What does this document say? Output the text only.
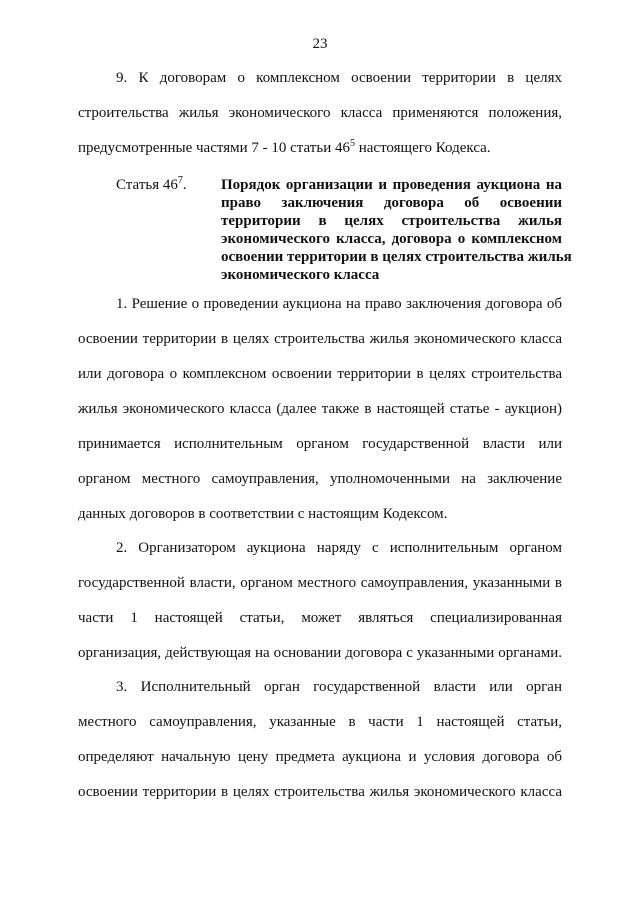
23
9. К договорам о комплексном освоении территории в целях
строительства жилья экономического класса применяются положения,
предусмотренные частями 7 - 10 статьи $46^5$ настоящего Кодекса.
Статья $46^7$.	Порядок организации и проведения аукциона на
право заключения договора об освоении
территории в целях строительства жилья
экономического класса, договора о комплексном
освоении территории в целях строительства жилья
экономического класса
1. Решение о проведении аукциона на право заключения договора об
освоении территории в целях строительства жилья экономического класса
или договора о комплексном освоении территории в целях строительства
жилья экономического класса (далее также в настоящей статье - аукцион)
принимается исполнительным органом государственной власти или
органом местного самоуправления, уполномоченными на заключение
данных договоров в соответствии с настоящим Кодексом.
2. Организатором аукциона наряду с исполнительным органом
государственной власти, органом местного самоуправления, указанными в
части 1 настоящей статьи, может являться специализированная
организация, действующая на основании договора с указанными органами.
3. Исполнительный орган государственной власти или орган
местного самоуправления, указанные в части 1 настоящей статьи,
определяют начальную цену предмета аукциона и условия договора об
освоении территории в целях строительства жилья экономического класса
